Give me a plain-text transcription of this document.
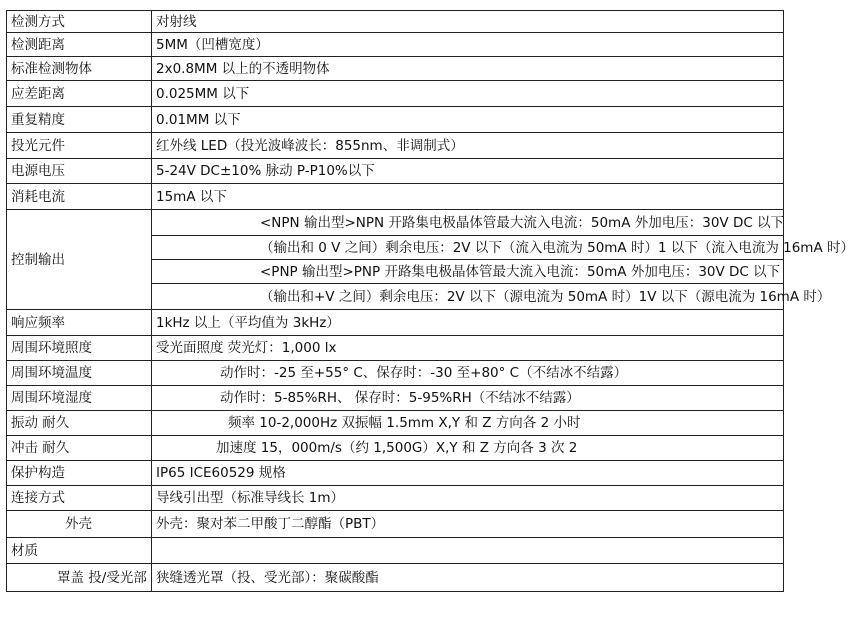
检测方式	对射线
检测距离	5MM（凹槽宽度）
标准检测物体	2x0.8MM 以上的不透明物体
应差距离	0.025MM 以下
重复精度	0.01MM 以下
投光元件	红外线 LED（投光波峰波长：855nm、非调制式）
电源电压	5-24V DC±10% 脉动 P-P10%以下
消耗电流	15mA 以下
控制输出	<NPN 输出型>NPN 开路集电极晶体管最大流入电流：50mA 外加电压：30V DC 以下
	（输出和 0 V 之间）剩余电压：2V 以下（流入电流为 50mA 时）1 以下（流入电流为 16mA 时）
	<PNP 输出型>PNP 开路集电极晶体管最大流入电流：50mA 外加电压：30V DC 以下
	（输出和+V 之间）剩余电压：2V 以下（源电流为 50mA 时）1V 以下（源电流为 16mA 时）
响应频率	1kHz 以上（平均值为 3kHz）
周围环境照度	受光面照度 荧光灯：1,000 lx
周围环境温度	动作时：-25 至+55° C、保存时：-30 至+80° C（不结冰不结露）
周围环境湿度	动作时：5-85%RH、 保存时：5-95%RH（不结冰不结露）
振动 耐久	频率 10-2,000Hz 双振幅 1.5mm X,Y 和 Z 方向各 2 小时
冲击 耐久	加速度 15，000m/s（约 1,500G）X,Y 和 Z 方向各 3 次 2
保护构造	IP65 ICE60529 规格
连接方式	导线引出型（标准导线长 1m）
外壳	外壳：聚对苯二甲酸丁二醇酯（PBT）
材质	
罩盖 投/受光部	狭缝透光罩（投、受光部）：聚碳酸酯
